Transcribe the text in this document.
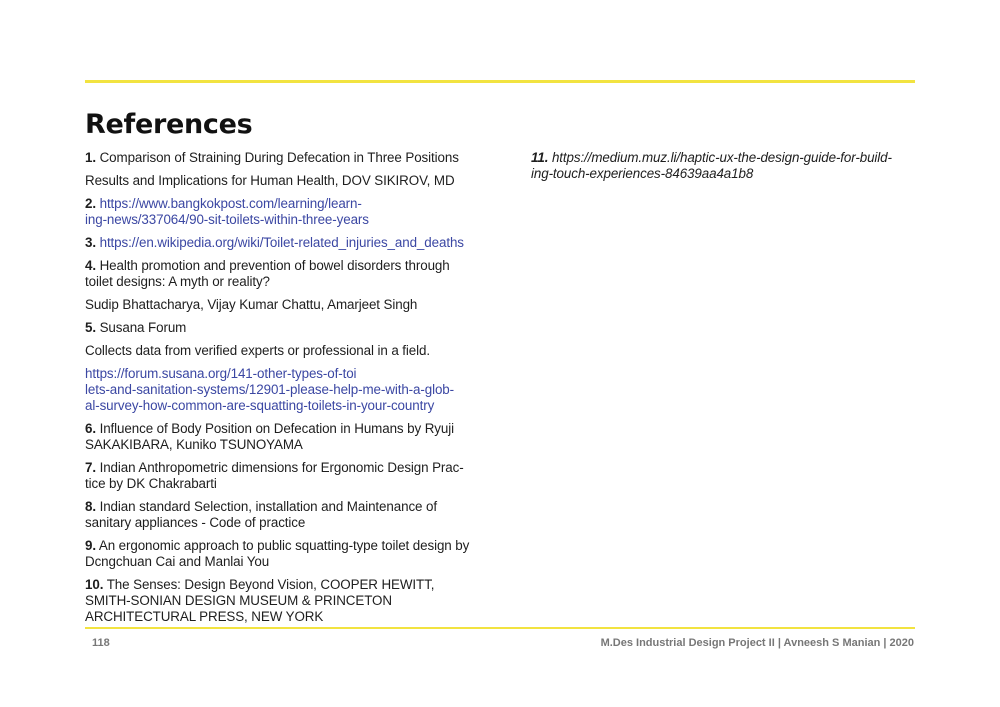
References

1. Comparison of Straining During Defecation in Three Positions

Results and Implications for Human Health, DOV SIKIROV, MD

2. https://www.bangkokpost.com/learning/learn-
ing-news/337064/90-sit-toilets-within-three-years

3. https://en.wikipedia.org/wiki/Toilet-related_injuries_and_deaths

4. Health promotion and prevention of bowel disorders through toilet designs: A myth or reality?

Sudip Bhattacharya, Vijay Kumar Chattu, Amarjeet Singh

5. Susana Forum

Collects data from verified experts or professional in a field.

https://forum.susana.org/141-other-types-of-toi
lets-and-sanitation-systems/12901-please-help-me-with-a-glob-
al-survey-how-common-are-squatting-toilets-in-your-country

6. Influence of Body Position on Defecation in Humans by Ryuji SAKAKIBARA, Kuniko TSUNOYAMA

7. Indian Anthropometric dimensions for Ergonomic Design Prac-tice by DK Chakrabarti

8. Indian standard Selection, installation and Maintenance of sanitary appliances - Code of practice

9. An ergonomic approach to public squatting-type toilet design by Dcngchuan Cai and Manlai You

10. The Senses: Design Beyond Vision, COOPER HEWITT, SMITH-SONIAN DESIGN MUSEUM & PRINCETON ARCHITECTURAL PRESS, NEW YORK

11. https://medium.muz.li/haptic-ux-the-design-guide-for-build-
ing-touch-experiences-84639aa4a1b8

118	M.Des Industrial Design Project II | Avneesh S Manian | 2020
